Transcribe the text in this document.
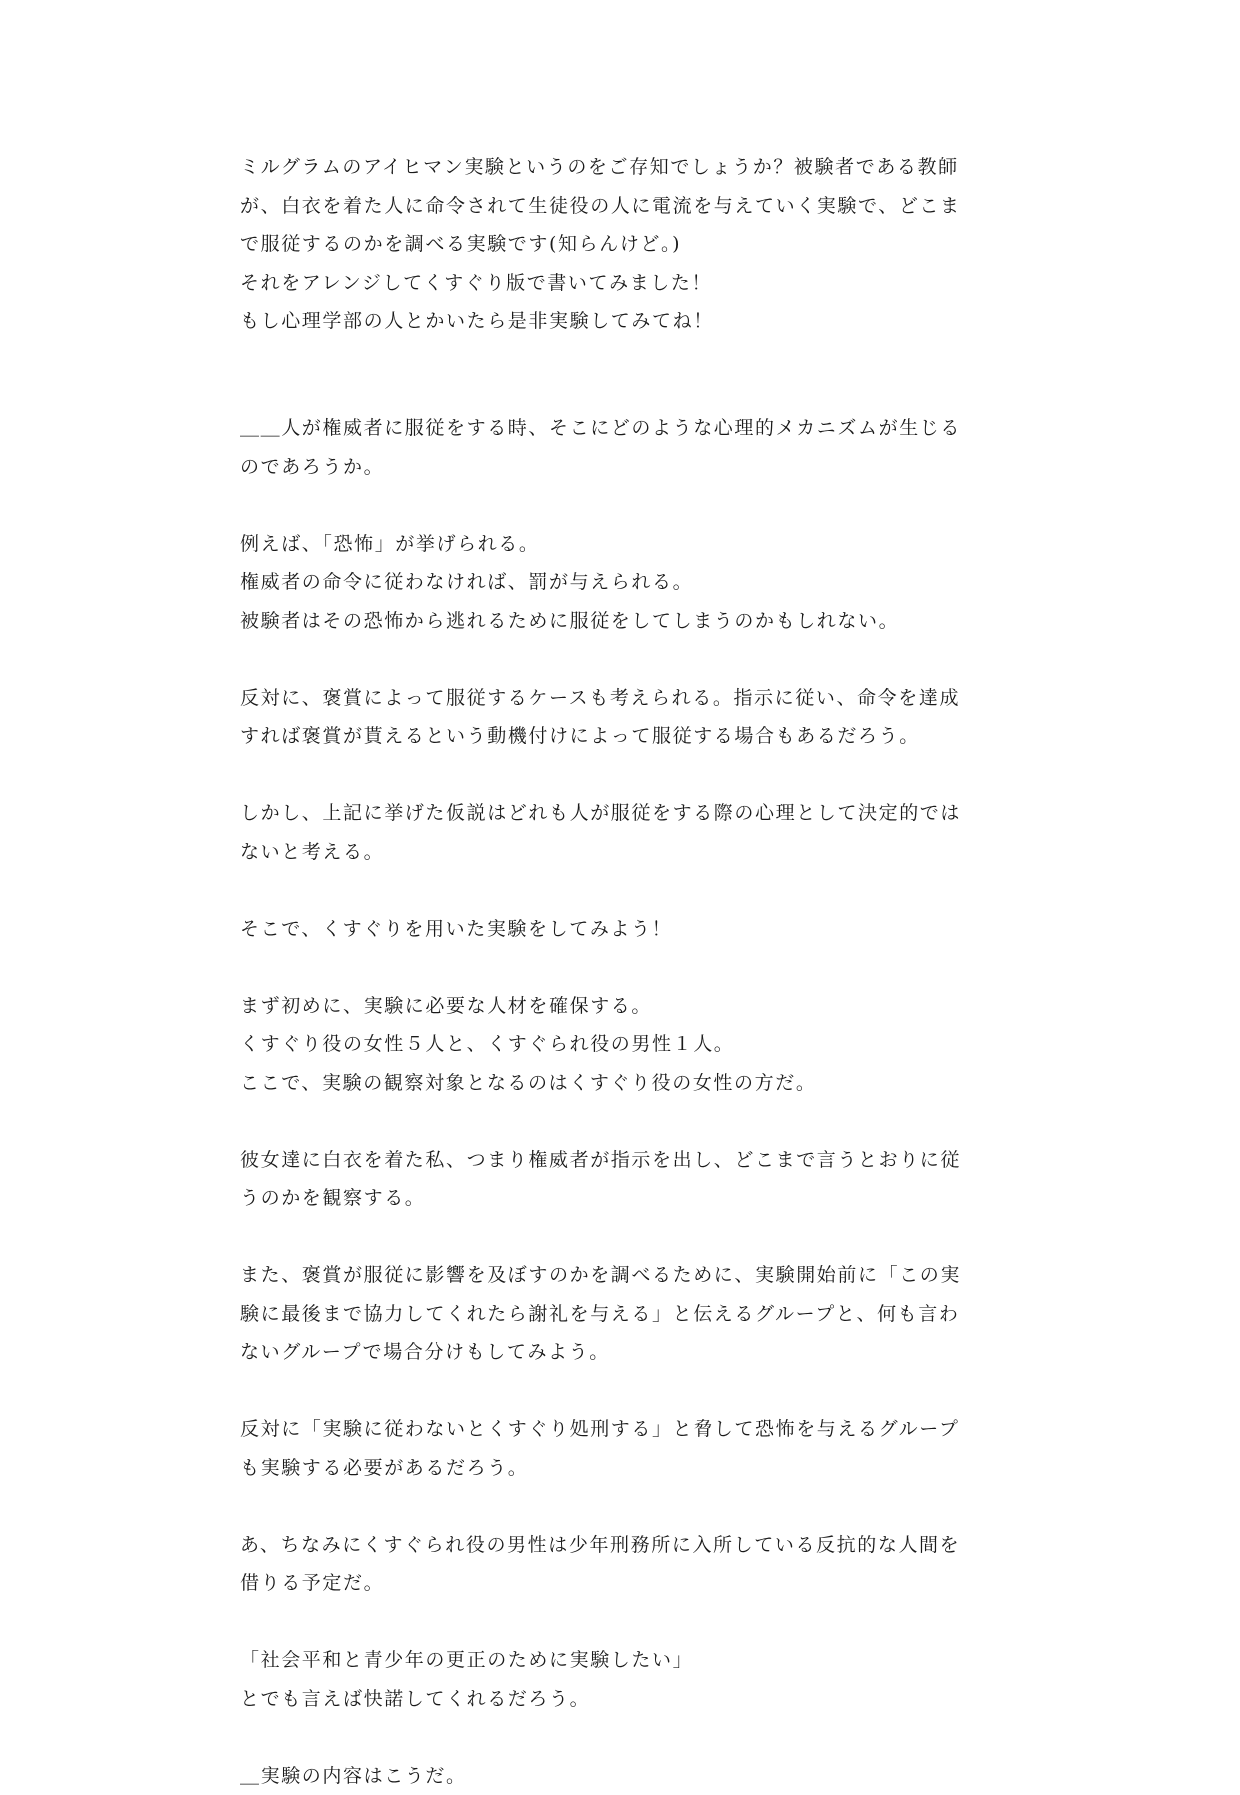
ミルグラムのアイヒマン実験というのをご存知でしょうか？被験者である教師
が、白衣を着た人に命令されて生徒役の人に電流を与えていく実験で、どこま
で服従するのかを調べる実験です(知らんけど。)
それをアレンジしてくすぐり版で書いてみました！
もし心理学部の人とかいたら是非実験してみてね！
＿＿人が権威者に服従をする時、そこにどのような心理的メカニズムが生じる
のであろうか。
例えば、「恐怖」が挙げられる。
権威者の命令に従わなければ、罰が与えられる。
被験者はその恐怖から逃れるために服従をしてしまうのかもしれない。
反対に、褒賞によって服従するケースも考えられる。指示に従い、命令を達成
すれば褒賞が貰えるという動機付けによって服従する場合もあるだろう。
しかし、上記に挙げた仮説はどれも人が服従をする際の心理として決定的では
ないと考える。
そこで、くすぐりを用いた実験をしてみよう！
まず初めに、実験に必要な人材を確保する。
くすぐり役の女性５人と、くすぐられ役の男性１人。
ここで、実験の観察対象となるのはくすぐり役の女性の方だ。
彼女達に白衣を着た私、つまり権威者が指示を出し、どこまで言うとおりに従
うのかを観察する。
また、褒賞が服従に影響を及ぼすのかを調べるために、実験開始前に「この実
験に最後まで協力してくれたら謝礼を与える」と伝えるグループと、何も言わ
ないグループで場合分けもしてみよう。
反対に「実験に従わないとくすぐり処刑する」と脅して恐怖を与えるグループ
も実験する必要があるだろう。
あ、ちなみにくすぐられ役の男性は少年刑務所に入所している反抗的な人間を
借りる予定だ。
「社会平和と青少年の更正のために実験したい」
とでも言えば快諾してくれるだろう。
＿実験の内容はこうだ。
